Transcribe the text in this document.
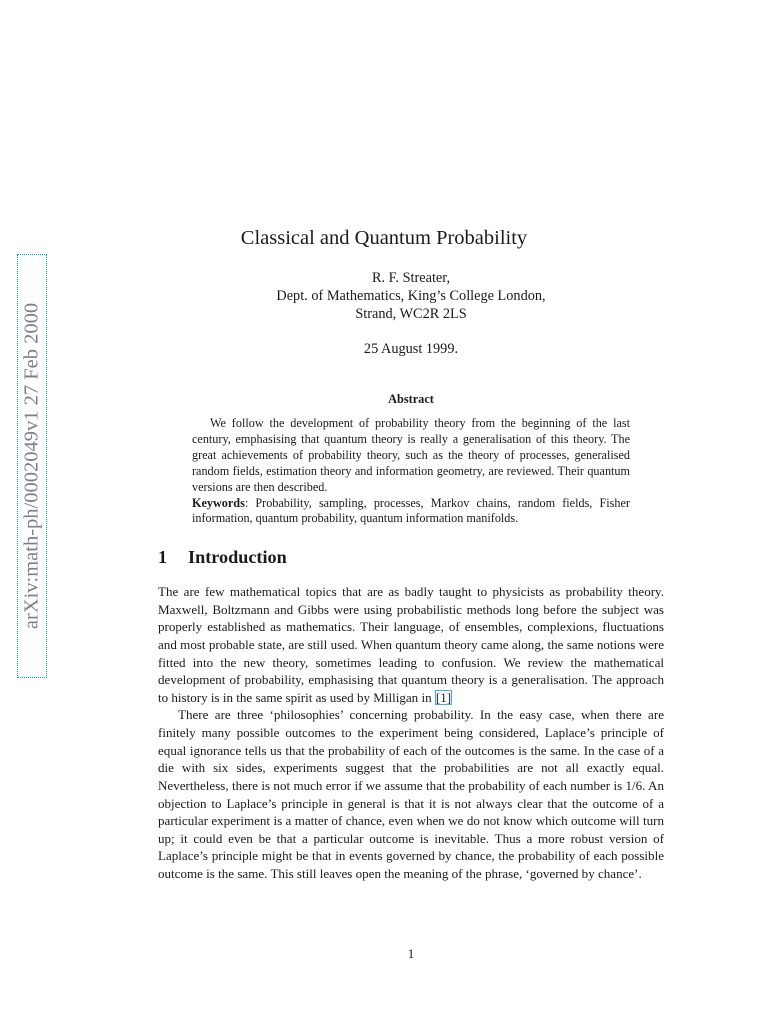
arXiv:math-ph/0002049v1 27 Feb 2000
Classical and Quantum Probability
R. F. Streater,
Dept. of Mathematics, King’s College London,
Strand, WC2R 2LS
25 August 1999.
Abstract

We follow the development of probability theory from the beginning of the last century, emphasising that quantum theory is really a generalisation of this theory. The great achievements of probability theory, such as the theory of processes, generalised random fields, estimation theory and information geometry, are reviewed. Their quantum versions are then described.

Keywords: Probability, sampling, processes, Markov chains, random fields, Fisher information, quantum probability, quantum information manifolds.

1 Introduction

The are few mathematical topics that are as badly taught to physicists as probability theory. Maxwell, Boltzmann and Gibbs were using probabilistic methods long before the subject was properly established as mathematics. Their language, of ensembles, complexions, fluctuations and most probable state, are still used. When quantum theory came along, the same notions were fitted into the new theory, sometimes leading to confusion. We review the mathematical development of probability, emphasising that quantum theory is a generalisation. The approach to history is in the same spirit as used by Milligan in [1]

There are three ‘philosophies’ concerning probability. In the easy case, when there are finitely many possible outcomes to the experiment being considered, Laplace’s principle of equal ignorance tells us that the probability of each of the outcomes is the same. In the case of a die with six sides, experiments suggest that the probabilities are not all exactly equal. Nevertheless, there is not much error if we assume that the probability of each number is 1/6. An objection to Laplace’s principle in general is that it is not always clear that the outcome of a particular experiment is a matter of chance, even when we do not know which outcome will turn up; it could even be that a particular outcome is inevitable. Thus a more robust version of Laplace’s principle might be that in events governed by chance, the probability of each possible outcome is the same. This still leaves open the meaning of the phrase, ‘governed by chance’.

1
